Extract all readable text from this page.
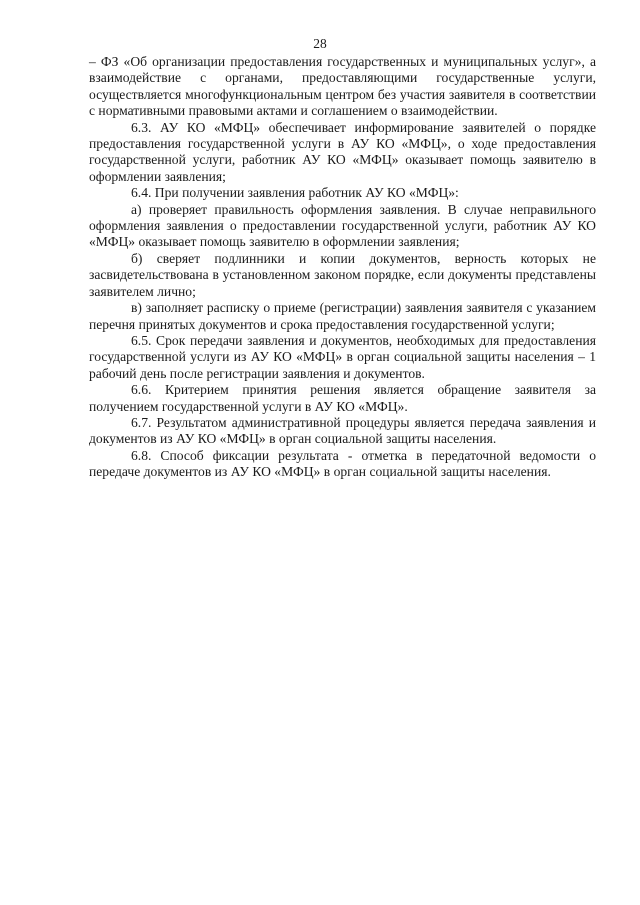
28

– ФЗ «Об организации предоставления государственных и муниципальных услуг», а взаимодействие с органами, предоставляющими государственные услуги, осуществляется многофункциональным центром без участия заявителя в соответствии с нормативными правовыми актами и соглашением о взаимодействии.

6.3. АУ КО «МФЦ» обеспечивает информирование заявителей о порядке предоставления государственной услуги в АУ КО «МФЦ», о ходе предоставления государственной услуги, работник АУ КО «МФЦ» оказывает помощь заявителю в оформлении заявления;

6.4. При получении заявления работник АУ КО «МФЦ»:

а) проверяет правильность оформления заявления. В случае неправильного оформления заявления о предоставлении государственной услуги, работник АУ КО «МФЦ» оказывает помощь заявителю в оформлении заявления;

б) сверяет подлинники и копии документов, верность которых не засвидетельствована в установленном законом порядке, если документы представлены заявителем лично;

в) заполняет расписку о приеме (регистрации) заявления заявителя с указанием перечня принятых документов и срока предоставления государственной услуги;

6.5. Срок передачи заявления и документов, необходимых для предоставления государственной услуги из АУ КО «МФЦ» в орган социальной защиты населения – 1 рабочий день после регистрации заявления и документов.

6.6. Критерием принятия решения является обращение заявителя за получением государственной услуги в АУ КО «МФЦ».

6.7. Результатом административной процедуры является передача заявления и документов из АУ КО «МФЦ» в орган социальной защиты населения.

6.8. Способ фиксации результата - отметка в передаточной ведомости о передаче документов из АУ КО «МФЦ» в орган социальной защиты населения.
